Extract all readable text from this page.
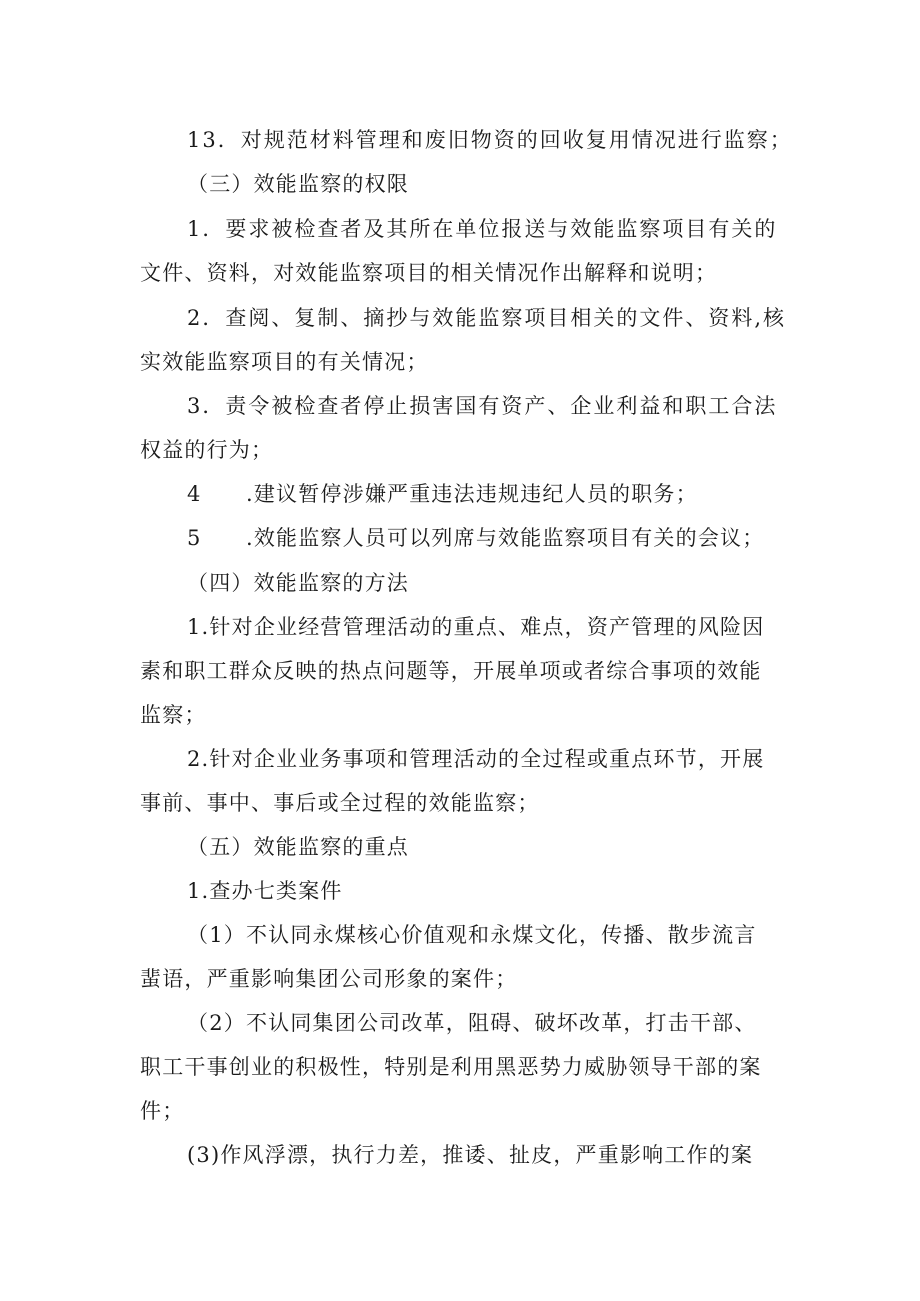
13．对规范材料管理和废旧物资的回收复用情况进行监察；
（三）效能监察的权限
1．要求被检查者及其所在单位报送与效能监察项目有关的
文件、资料，对效能监察项目的相关情况作出解释和说明；
2．查阅、复制、摘抄与效能监察项目相关的文件、资料,核
实效能监察项目的有关情况；
3．责令被检查者停止损害国有资产、企业利益和职工合法
权益的行为；
4　　.建议暂停涉嫌严重违法违规违纪人员的职务；
5　　.效能监察人员可以列席与效能监察项目有关的会议；
（四）效能监察的方法
1.针对企业经营管理活动的重点、难点，资产管理的风险因
素和职工群众反映的热点问题等，开展单项或者综合事项的效能
监察；
2.针对企业业务事项和管理活动的全过程或重点环节，开展
事前、事中、事后或全过程的效能监察；
（五）效能监察的重点
1.查办七类案件
（1）不认同永煤核心价值观和永煤文化，传播、散步流言
蜚语，严重影响集团公司形象的案件；
（2）不认同集团公司改革，阻碍、破坏改革，打击干部、
职工干事创业的积极性，特别是利用黑恶势力威胁领导干部的案
件；
(3)作风浮漂，执行力差，推诿、扯皮，严重影响工作的案
